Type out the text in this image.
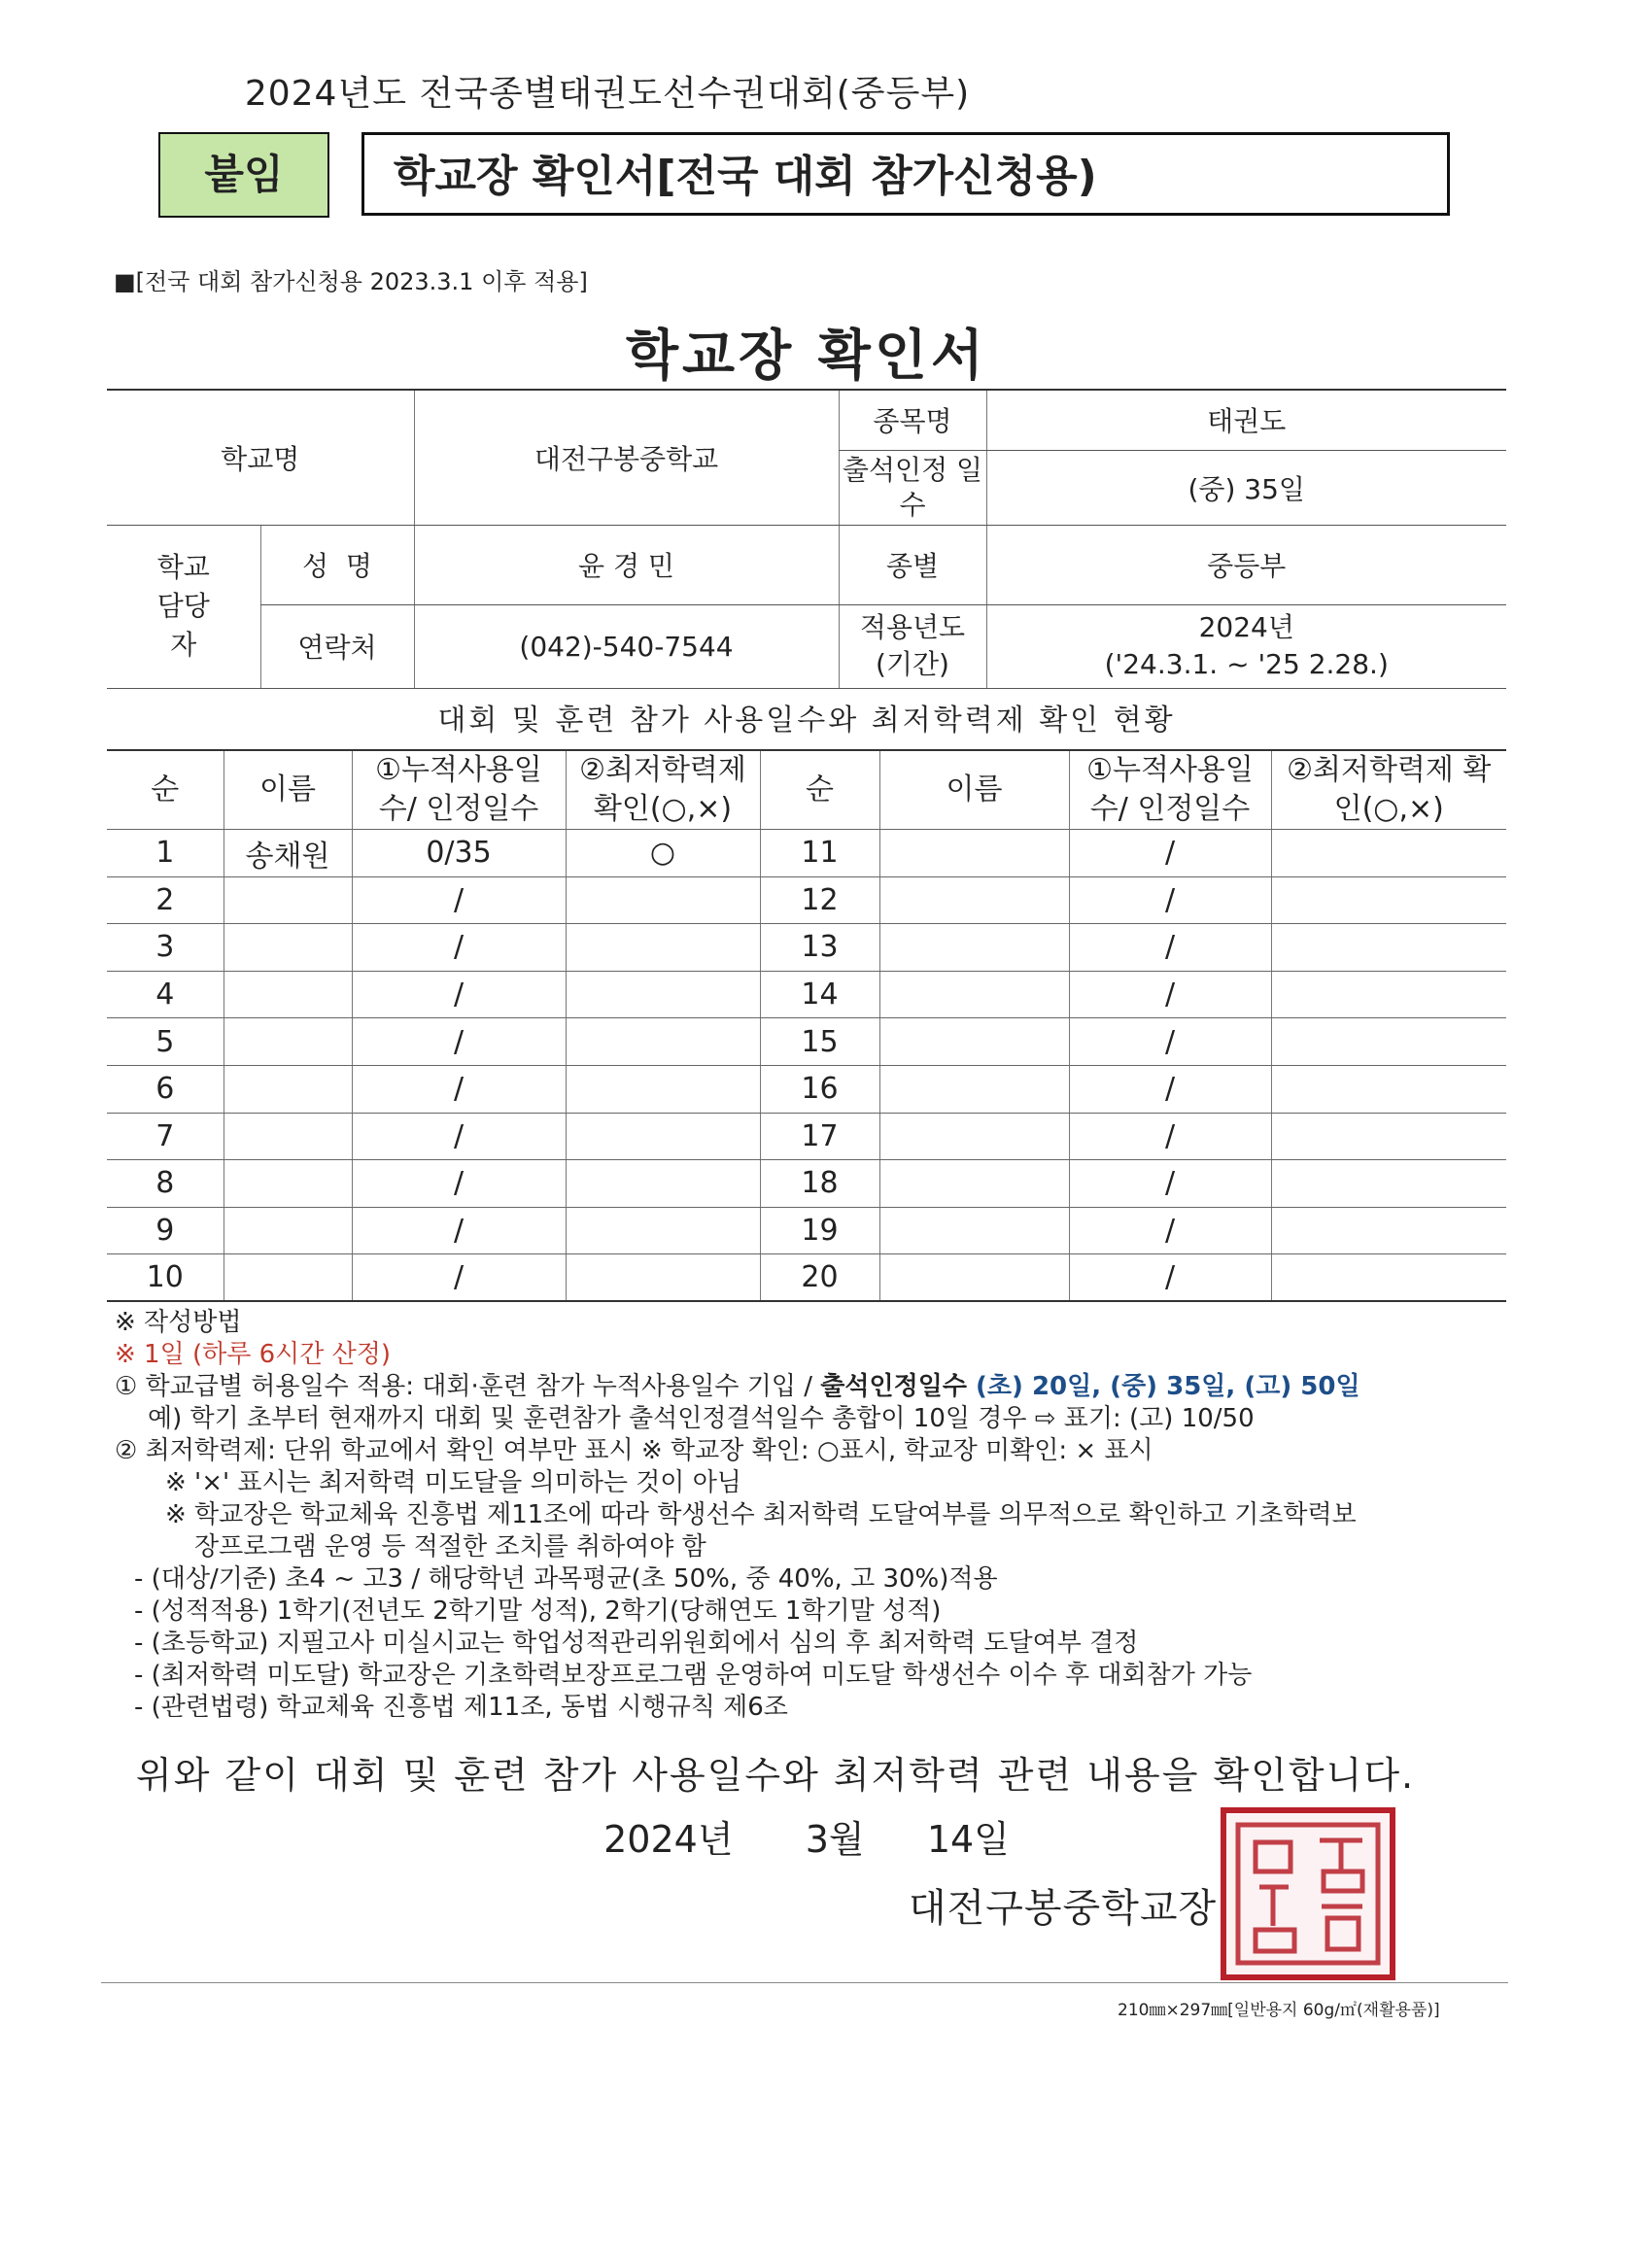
2024년도 전국종별태권도선수권대회(중등부)
붙임	학교장 확인서[전국 대회 참가신청용)
■[전국 대회 참가신청용 2023.3.1 이후 적용]
학교장 확인서
학교명		대전구봉중학교	종목명	태권도
			출석인정 일수	(중) 35일
학교 담당자	성  명	윤 경 민	종별	중등부
	연락처	(042)-540-7544	적용년도 (기간)	2024년
('24.3.1. ~ '25 2.28.)
대회 및 훈련 참가 사용일수와 최저학력제 확인 현황
순	이름	①누적사용일수/ 인정일수	②최저학력제 확인(○,×)	순	이름	①누적사용일수/ 인정일수	②최저학력제 확인(○,×)
1	송채원	0/35	○	11		/	
2		/		12		/	
3		/		13		/	
4		/		14		/	
5		/		15		/	
6		/		16		/	
7		/		17		/	
8		/		18		/	
9		/		19		/	
10		/		20		/	
※ 작성방법
※ 1일 (하루 6시간 산정)
① 학교급별 허용일수 적용: 대회·훈련 참가 누적사용일수 기입 / 출석인정일수 (초) 20일, (중) 35일, (고) 50일
예) 학기 초부터 현재까지 대회 및 훈련참가 출석인정결석일수 총합이 10일 경우 ⇨ 표기: (고) 10/50
② 최저학력제: 단위 학교에서 확인 여부만 표시 ※ 학교장 확인: ○표시, 학교장 미확인: × 표시
※ '×' 표시는 최저학력 미도달을 의미하는 것이 아님
※ 학교장은 학교체육 진흥법 제11조에 따라 학생선수 최저학력 도달여부를 의무적으로 확인하고 기초학력보
장프로그램 운영 등 적절한 조치를 취하여야 함
- (대상/기준) 초4 ~ 고3 / 해당학년 과목평균(초 50%, 중 40%, 고 30%)적용
- (성적적용) 1학기(전년도 2학기말 성적), 2학기(당해연도 1학기말 성적)
- (초등학교) 지필고사 미실시교는 학업성적관리위원회에서 심의 후 최저학력 도달여부 결정
- (최저학력 미도달) 학교장은 기초학력보장프로그램 운영하여 미도달 학생선수 이수 후 대회참가 가능
- (관련법령) 학교체육 진흥법 제11조, 동법 시행규칙 제6조
위와 같이 대회 및 훈련 참가 사용일수와 최저학력 관련 내용을 확인합니다.
2024년 3월 14일
대전구봉중학교장
210㎜×297㎜[일반용지 60g/㎡(재활용품)]
